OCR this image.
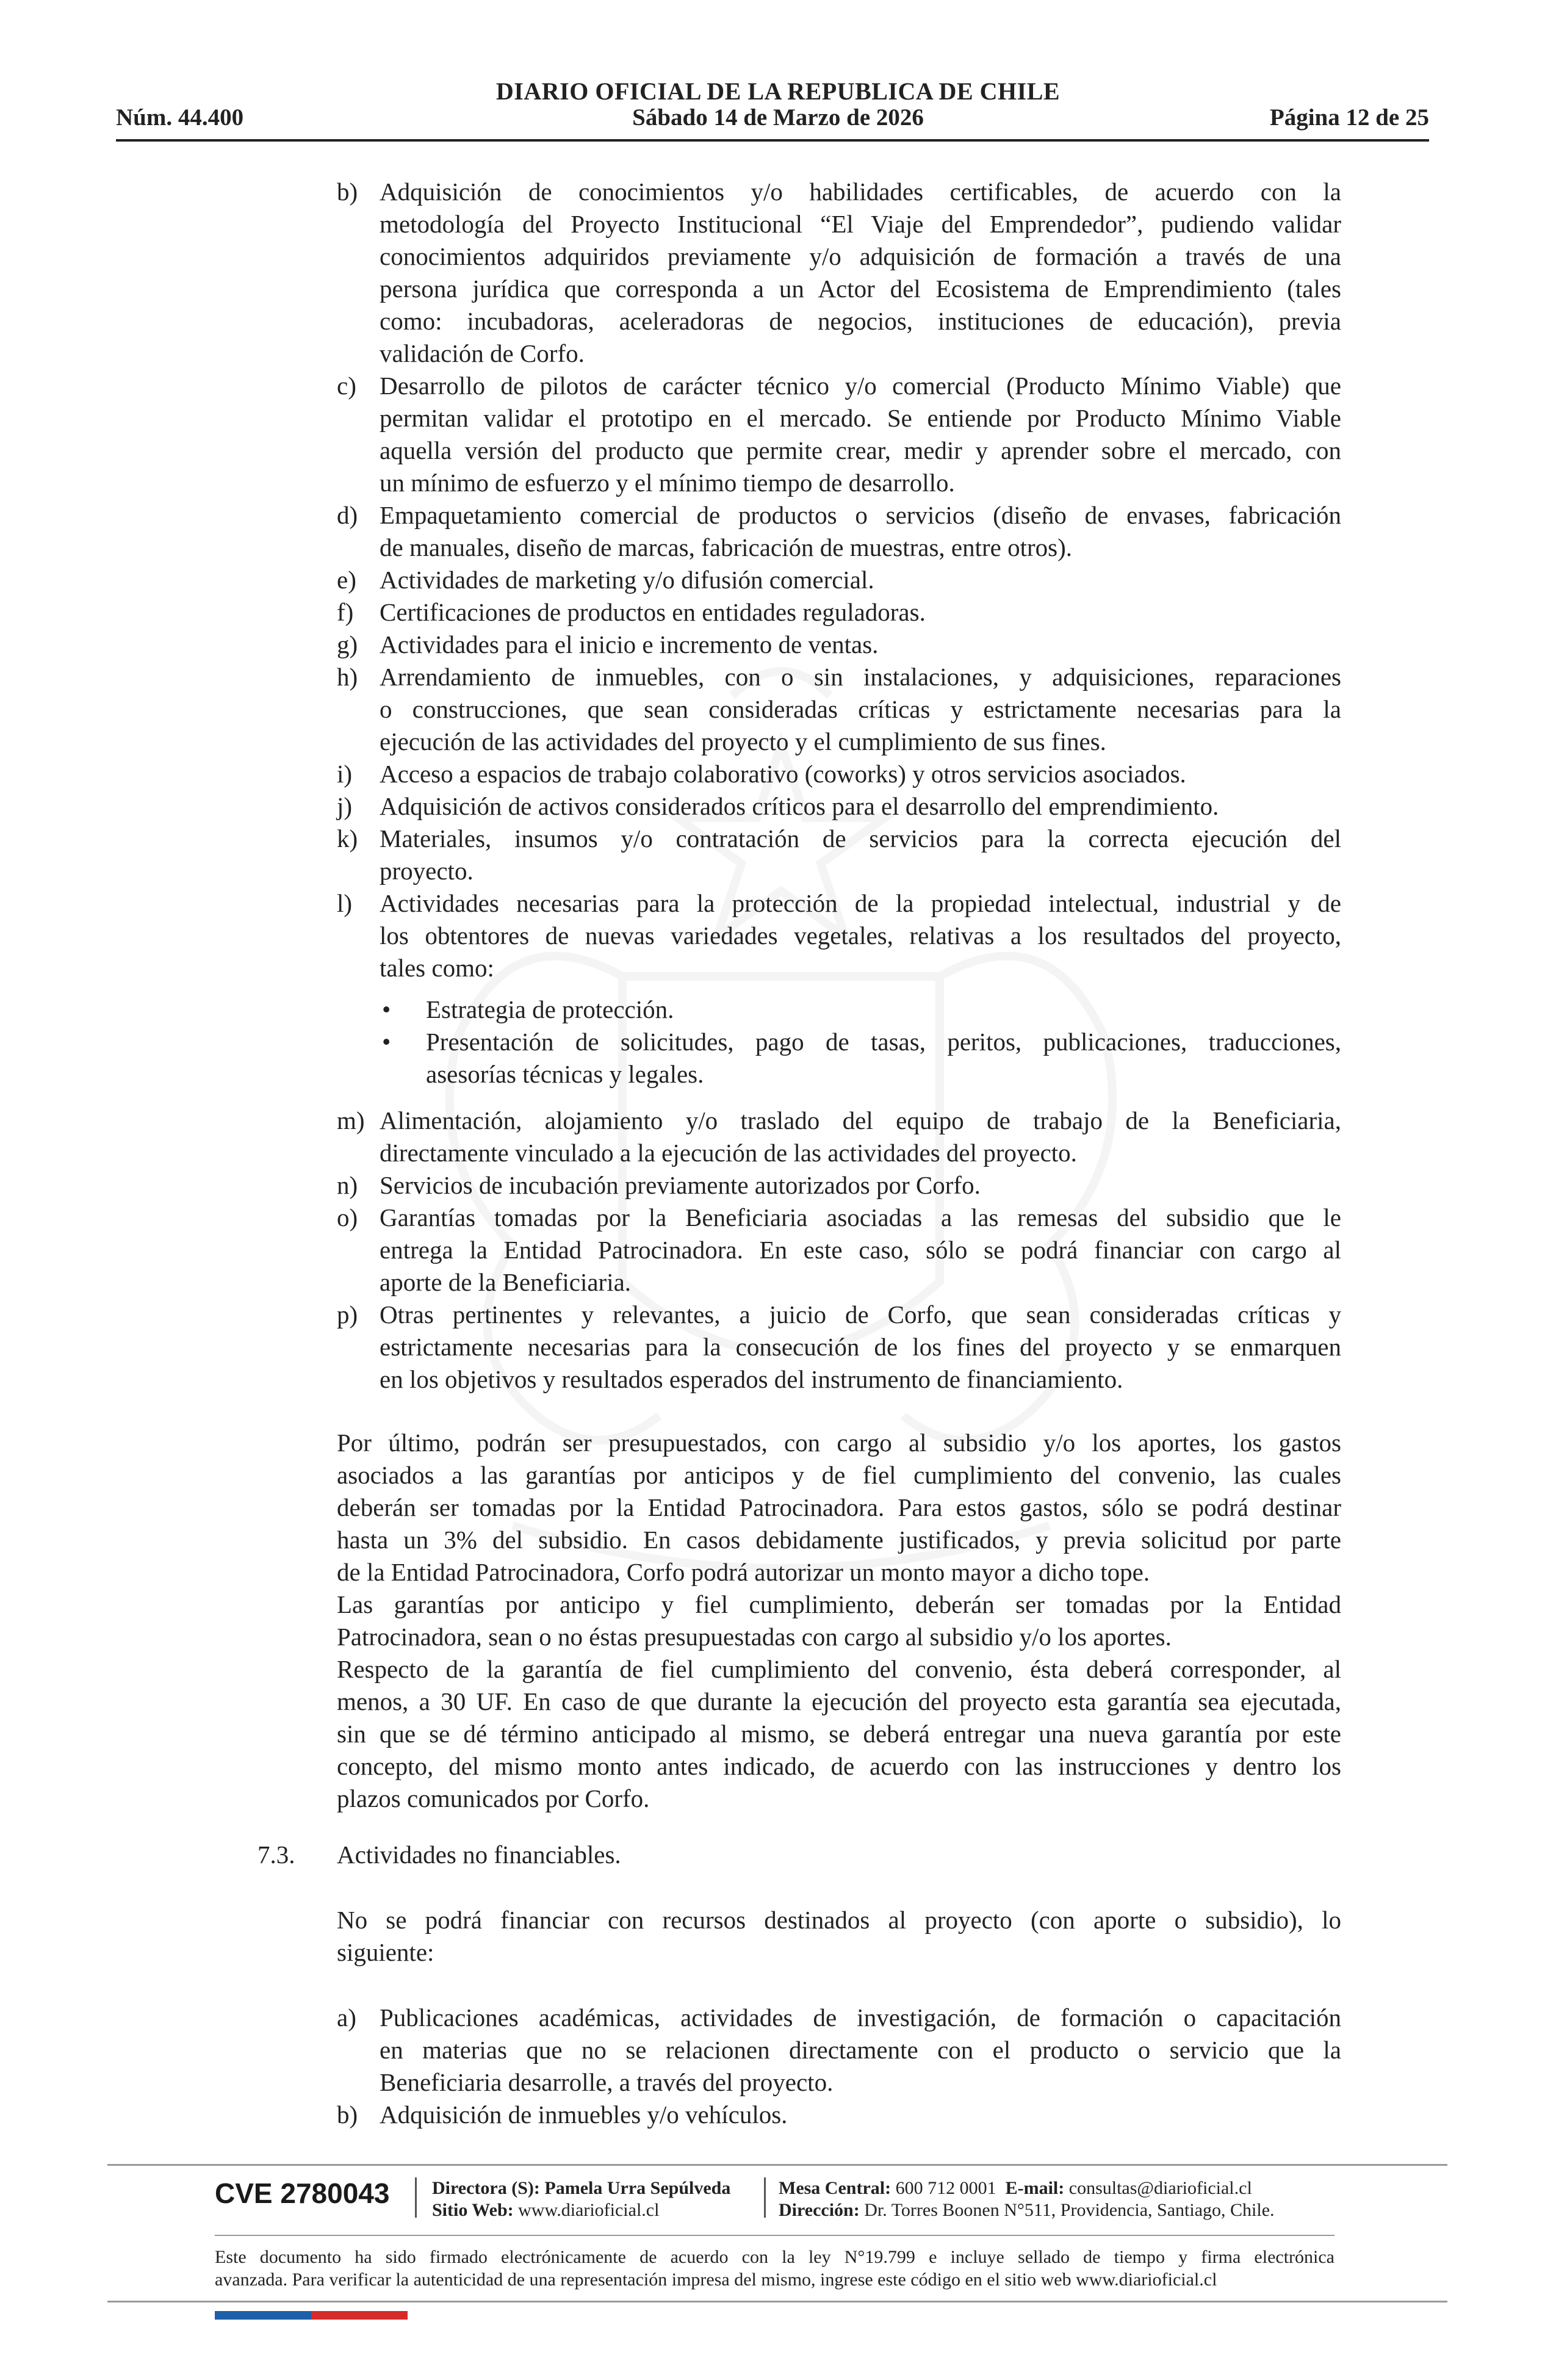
DIARIO OFICIAL DE LA REPUBLICA DE CHILE
Núm. 44.400	Sábado 14 de Marzo de 2026	Página 12 de 25
b) Adquisición de conocimientos y/o habilidades certificables, de acuerdo con la
metodología del Proyecto Institucional “El Viaje del Emprendedor”, pudiendo validar
conocimientos adquiridos previamente y/o adquisición de formación a través de una
persona jurídica que corresponda a un Actor del Ecosistema de Emprendimiento (tales
como: incubadoras, aceleradoras de negocios, instituciones de educación), previa
validación de Corfo.
c) Desarrollo de pilotos de carácter técnico y/o comercial (Producto Mínimo Viable) que
permitan validar el prototipo en el mercado. Se entiende por Producto Mínimo Viable
aquella versión del producto que permite crear, medir y aprender sobre el mercado, con
un mínimo de esfuerzo y el mínimo tiempo de desarrollo.
d) Empaquetamiento comercial de productos o servicios (diseño de envases, fabricación
de manuales, diseño de marcas, fabricación de muestras, entre otros).
e) Actividades de marketing y/o difusión comercial.
f) Certificaciones de productos en entidades reguladoras.
g) Actividades para el inicio e incremento de ventas.
h) Arrendamiento de inmuebles, con o sin instalaciones, y adquisiciones, reparaciones
o construcciones, que sean consideradas críticas y estrictamente necesarias para la
ejecución de las actividades del proyecto y el cumplimiento de sus fines.
i) Acceso a espacios de trabajo colaborativo (coworks) y otros servicios asociados.
j) Adquisición de activos considerados críticos para el desarrollo del emprendimiento.
k) Materiales, insumos y/o contratación de servicios para la correcta ejecución del
proyecto.
l) Actividades necesarias para la protección de la propiedad intelectual, industrial y de
los obtentores de nuevas variedades vegetales, relativas a los resultados del proyecto,
tales como:
• Estrategia de protección.
• Presentación de solicitudes, pago de tasas, peritos, publicaciones, traducciones,
asesorías técnicas y legales.
m) Alimentación, alojamiento y/o traslado del equipo de trabajo de la Beneficiaria,
directamente vinculado a la ejecución de las actividades del proyecto.
n) Servicios de incubación previamente autorizados por Corfo.
o) Garantías tomadas por la Beneficiaria asociadas a las remesas del subsidio que le
entrega la Entidad Patrocinadora. En este caso, sólo se podrá financiar con cargo al
aporte de la Beneficiaria.
p) Otras pertinentes y relevantes, a juicio de Corfo, que sean consideradas críticas y
estrictamente necesarias para la consecución de los fines del proyecto y se enmarquen
en los objetivos y resultados esperados del instrumento de financiamiento.
Por último, podrán ser presupuestados, con cargo al subsidio y/o los aportes, los gastos
asociados a las garantías por anticipos y de fiel cumplimiento del convenio, las cuales
deberán ser tomadas por la Entidad Patrocinadora. Para estos gastos, sólo se podrá destinar
hasta un 3% del subsidio. En casos debidamente justificados, y previa solicitud por parte
de la Entidad Patrocinadora, Corfo podrá autorizar un monto mayor a dicho tope.
Las garantías por anticipo y fiel cumplimiento, deberán ser tomadas por la Entidad
Patrocinadora, sean o no éstas presupuestadas con cargo al subsidio y/o los aportes.
Respecto de la garantía de fiel cumplimiento del convenio, ésta deberá corresponder, al
menos, a 30 UF. En caso de que durante la ejecución del proyecto esta garantía sea ejecutada,
sin que se dé término anticipado al mismo, se deberá entregar una nueva garantía por este
concepto, del mismo monto antes indicado, de acuerdo con las instrucciones y dentro los
plazos comunicados por Corfo.
7.3. Actividades no financiables.
No se podrá financiar con recursos destinados al proyecto (con aporte o subsidio), lo
siguiente:
a) Publicaciones académicas, actividades de investigación, de formación o capacitación
en materias que no se relacionen directamente con el producto o servicio que la
Beneficiaria desarrolle, a través del proyecto.
b) Adquisición de inmuebles y/o vehículos.
CVE 2780043 Directora (S): Pamela Urra Sepúlveda
Sitio Web: www.diarioficial.cl
Mesa Central: 600 712 0001 E-mail: consultas@diarioficial.cl
Dirección: Dr. Torres Boonen N°511, Providencia, Santiago, Chile.
Este documento ha sido firmado electrónicamente de acuerdo con la ley N°19.799 e incluye sellado de tiempo y firma electrónica
avanzada. Para verificar la autenticidad de una representación impresa del mismo, ingrese este código en el sitio web www.diarioficial.cl
